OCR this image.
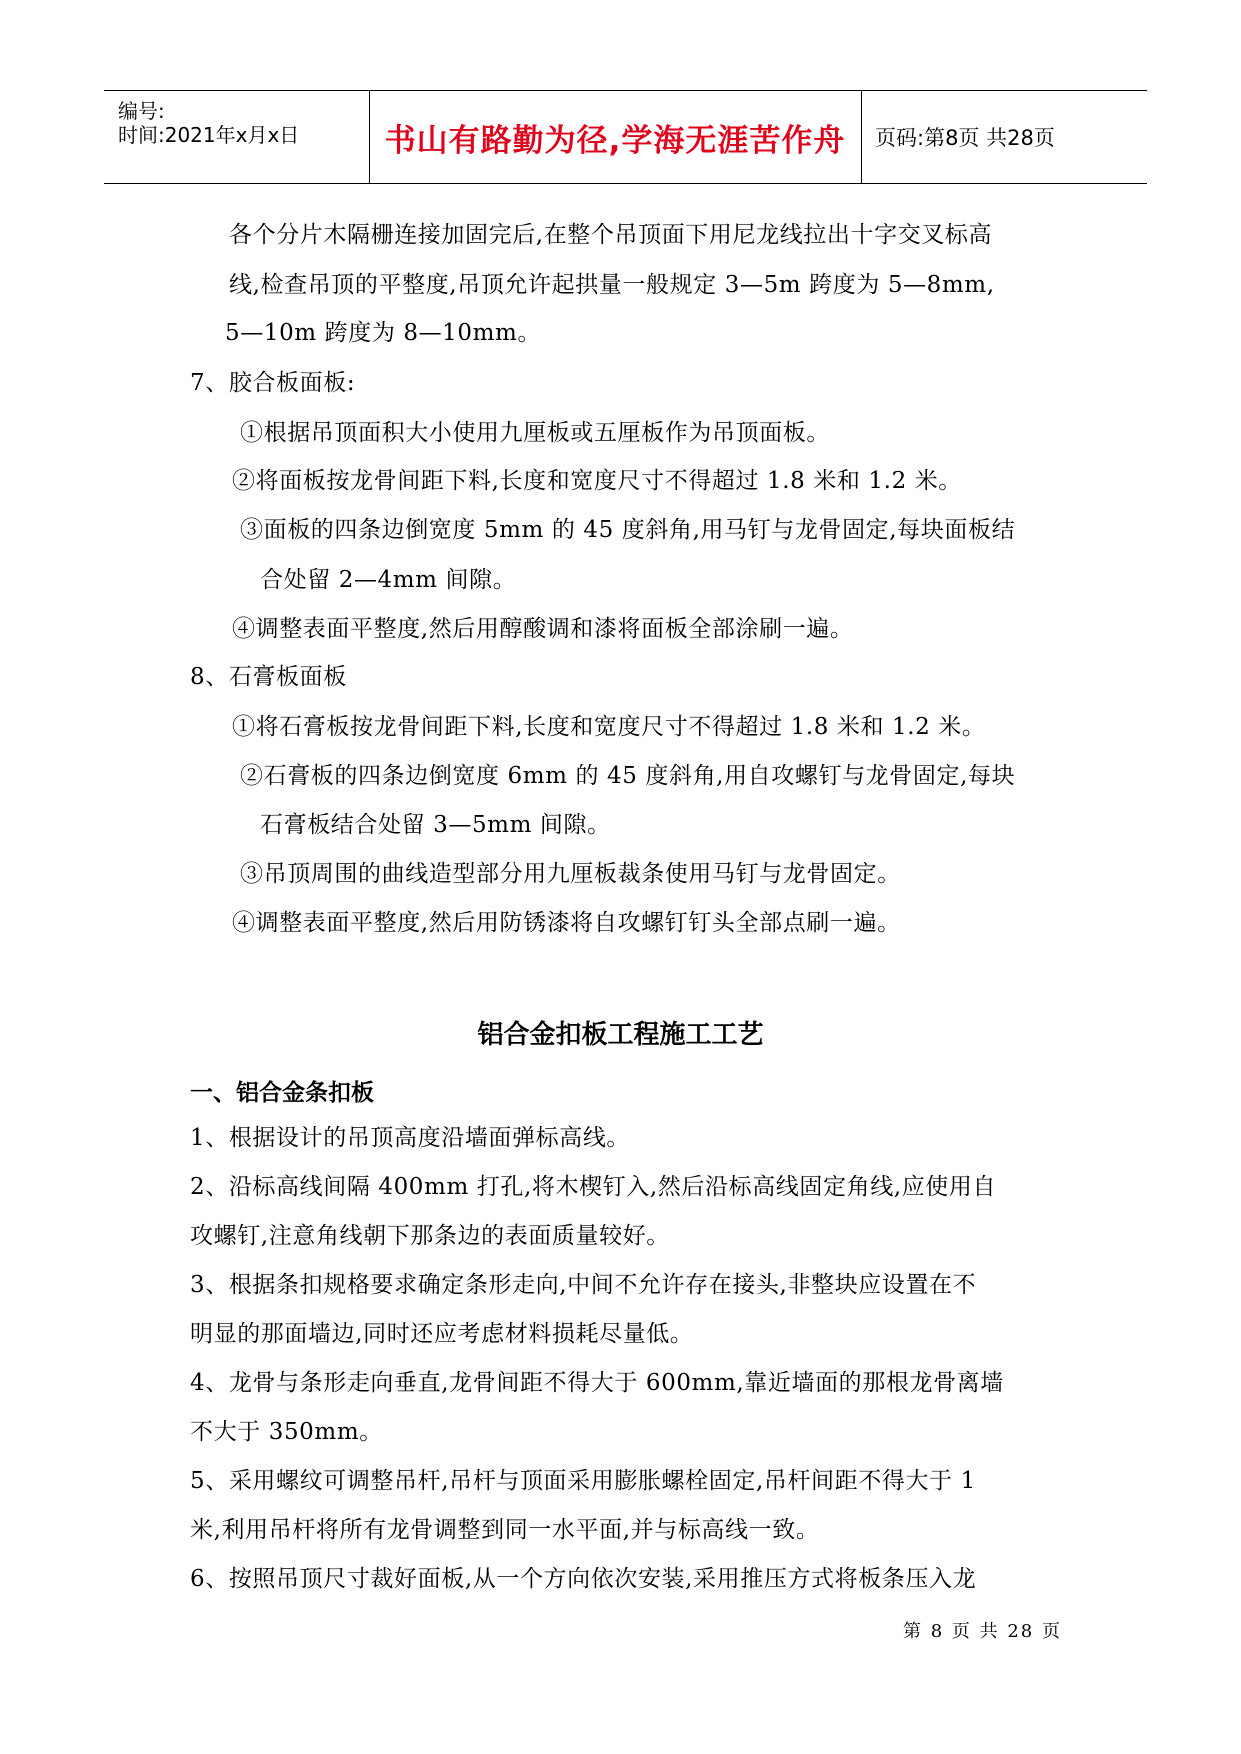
编号:
时间:2021年x月x日	书山有路勤为径,学海无涯苦作舟	页码:第8页 共28页
各个分片木隔栅连接加固完后,在整个吊顶面下用尼龙线拉出十字交叉标高
线,检查吊顶的平整度,吊顶允许起拱量一般规定 3—5m 跨度为 5—8mm,
5—10m 跨度为 8—10mm。
7、胶合板面板:
①根据吊顶面积大小使用九厘板或五厘板作为吊顶面板。
②将面板按龙骨间距下料,长度和宽度尺寸不得超过 1.8 米和 1.2 米。
③面板的四条边倒宽度 5mm 的 45 度斜角,用马钉与龙骨固定,每块面板结
合处留 2—4mm 间隙。
④调整表面平整度,然后用醇酸调和漆将面板全部涂刷一遍。
8、石膏板面板
①将石膏板按龙骨间距下料,长度和宽度尺寸不得超过 1.8 米和 1.2 米。
②石膏板的四条边倒宽度 6mm 的 45 度斜角,用自攻螺钉与龙骨固定,每块
石膏板结合处留 3—5mm 间隙。
③吊顶周围的曲线造型部分用九厘板裁条使用马钉与龙骨固定。
④调整表面平整度,然后用防锈漆将自攻螺钉钉头全部点刷一遍。
铝合金扣板工程施工工艺
一、铝合金条扣板
1、根据设计的吊顶高度沿墙面弹标高线。
2、沿标高线间隔 400mm 打孔,将木楔钉入,然后沿标高线固定角线,应使用自
攻螺钉,注意角线朝下那条边的表面质量较好。
3、根据条扣规格要求确定条形走向,中间不允许存在接头,非整块应设置在不
明显的那面墙边,同时还应考虑材料损耗尽量低。
4、龙骨与条形走向垂直,龙骨间距不得大于 600mm,靠近墙面的那根龙骨离墙
不大于 350mm。
5、采用螺纹可调整吊杆,吊杆与顶面采用膨胀螺栓固定,吊杆间距不得大于 1
米,利用吊杆将所有龙骨调整到同一水平面,并与标高线一致。
6、按照吊顶尺寸裁好面板,从一个方向依次安装,采用推压方式将板条压入龙
第 8 页 共 28 页
